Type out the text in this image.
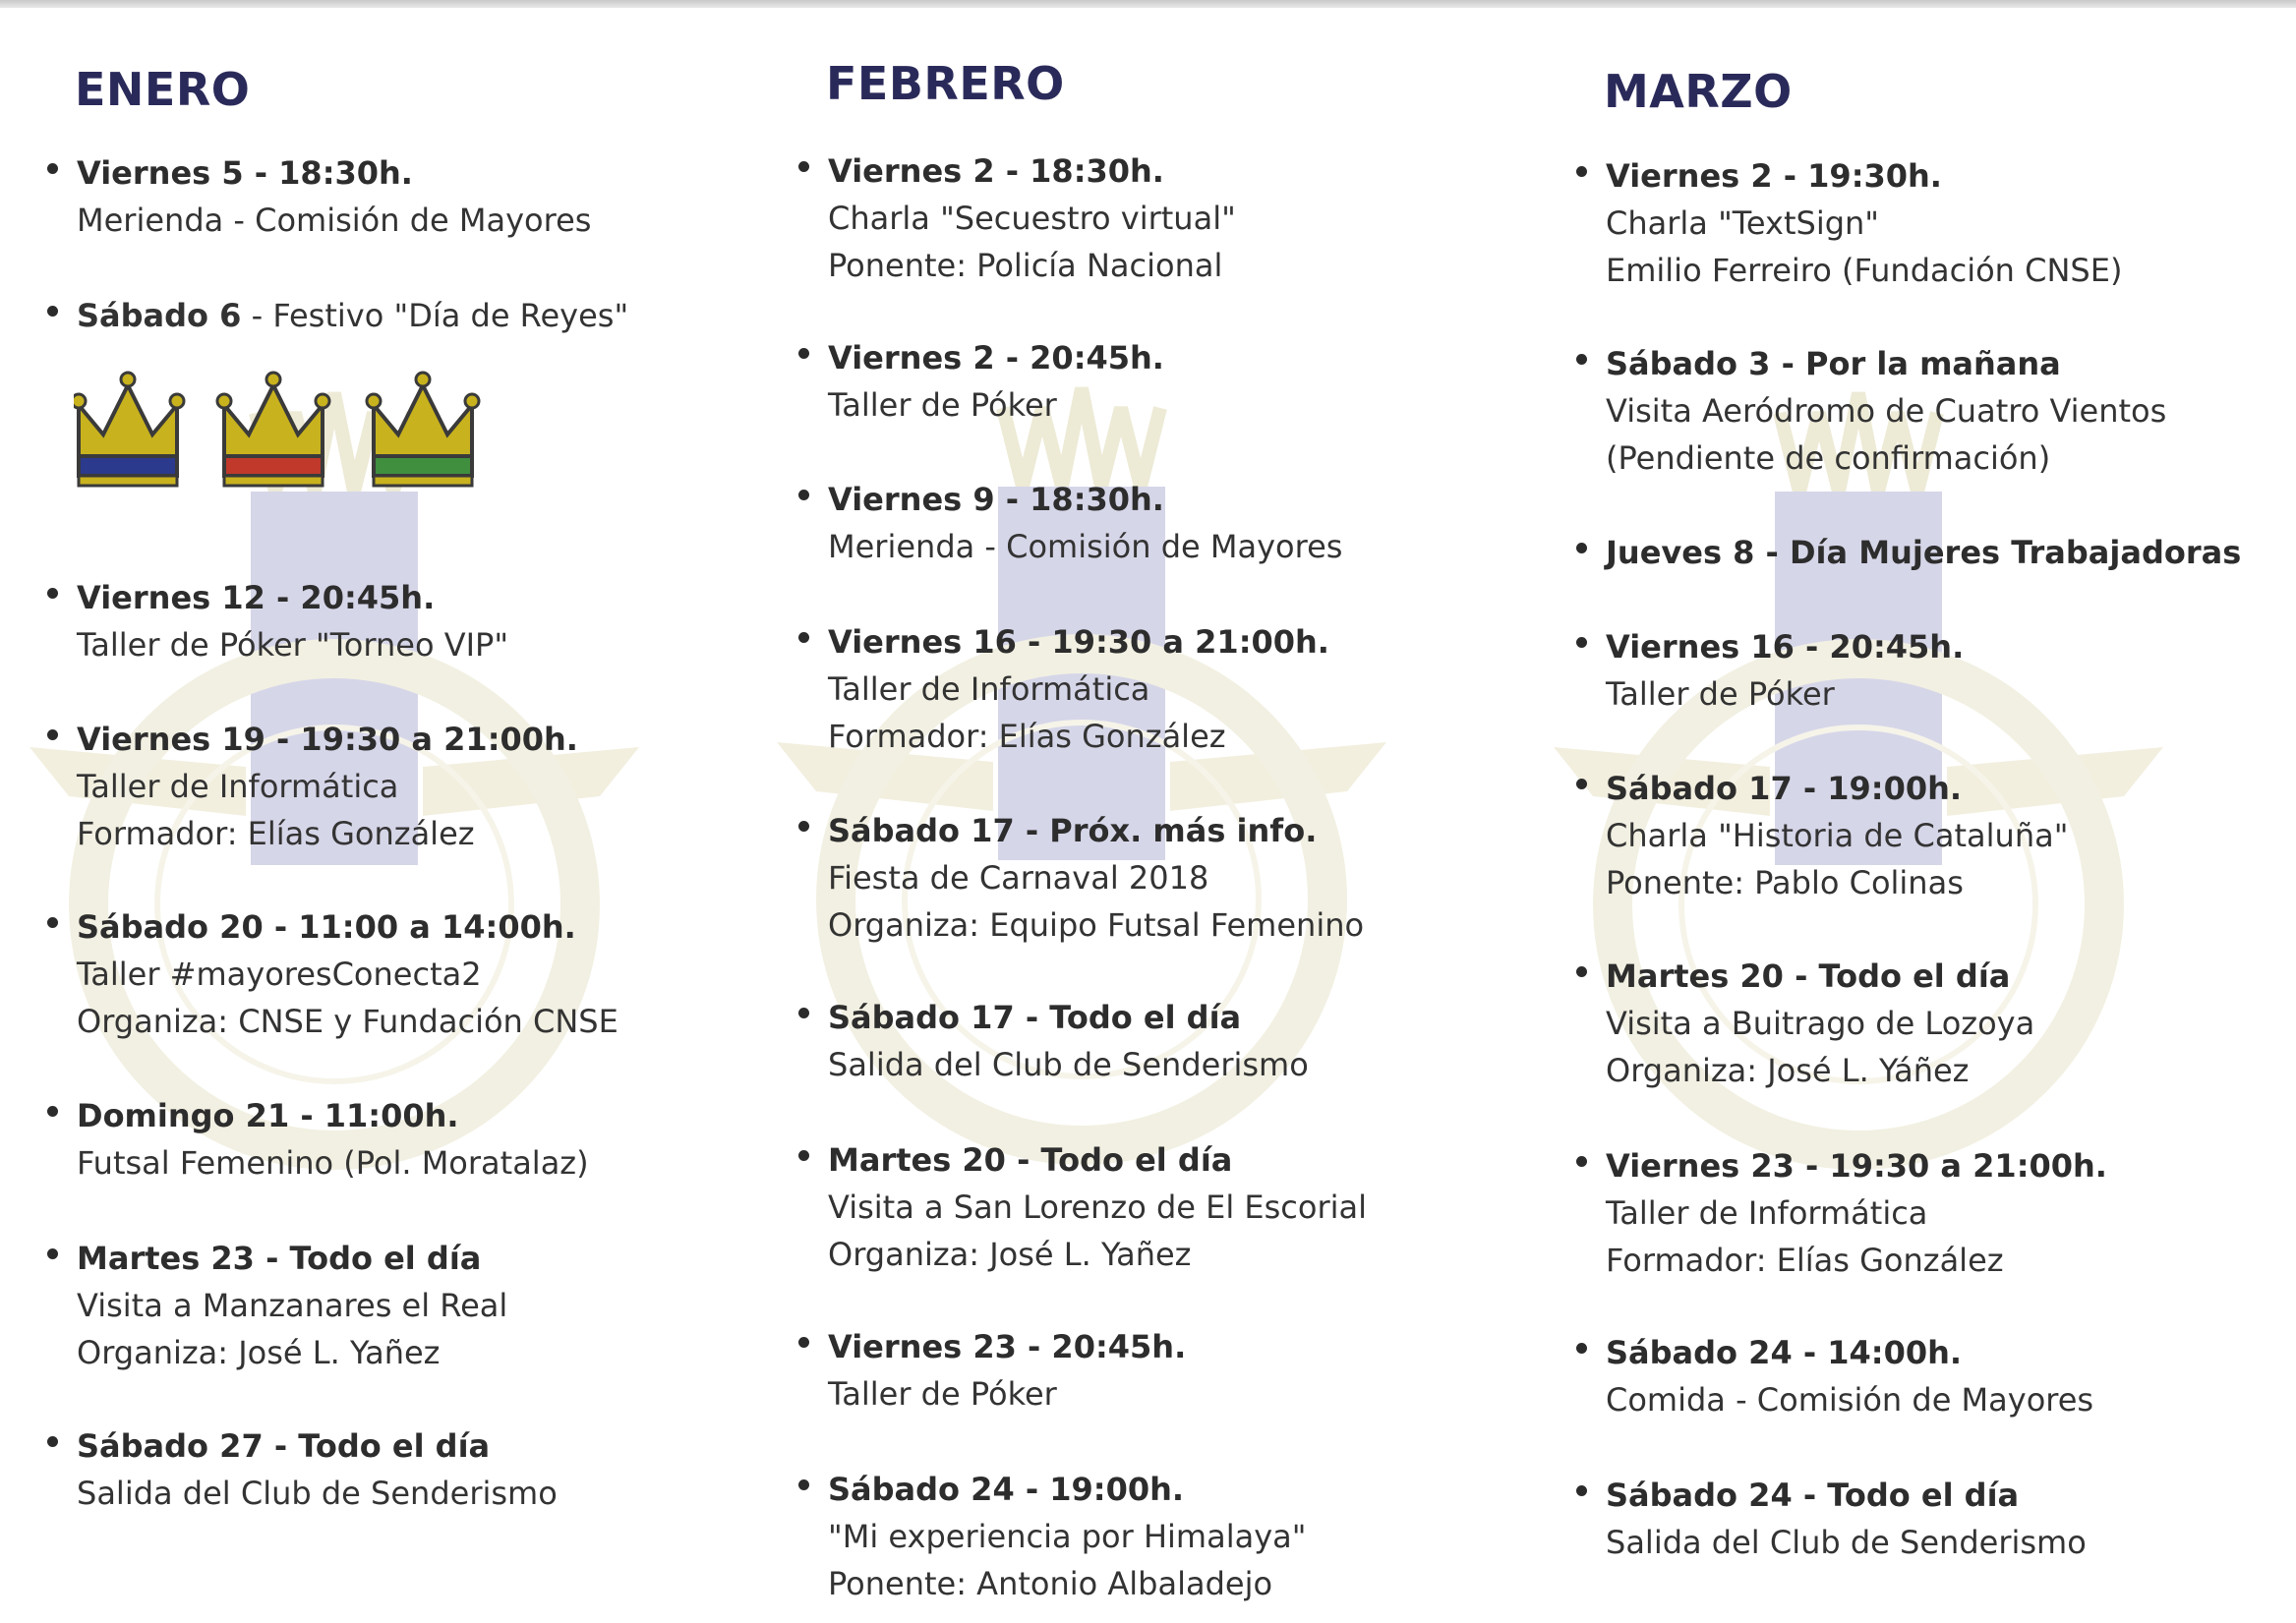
ENERO
Viernes 5 - 18:30h.
Merienda - Comisión de Mayores
Sábado 6 - Festivo "Día de Reyes"
Viernes 12 - 20:45h.
Taller de Póker "Torneo VIP"
Viernes 19 - 19:30 a 21:00h.
Taller de Informática
Formador: Elías González
Sábado 20 - 11:00 a 14:00h.
Taller #mayoresConecta2
Organiza: CNSE y Fundación CNSE
Domingo 21 - 11:00h.
Futsal Femenino (Pol. Moratalaz)
Martes 23 - Todo el día
Visita a Manzanares el Real
Organiza: José L. Yañez
Sábado 27 - Todo el día
Salida del Club de Senderismo
FEBRERO
Viernes 2 - 18:30h.
Charla "Secuestro virtual"
Ponente: Policía Nacional
Viernes 2 - 20:45h.
Taller de Póker
Viernes 9 - 18:30h.
Merienda - Comisión de Mayores
Viernes 16 - 19:30 a 21:00h.
Taller de Informática
Formador: Elías González
Sábado 17 - Próx. más info.
Fiesta de Carnaval 2018
Organiza: Equipo Futsal Femenino
Sábado 17 - Todo el día
Salida del Club de Senderismo
Martes 20 - Todo el día
Visita a San Lorenzo de El Escorial
Organiza: José L. Yañez
Viernes 23 - 20:45h.
Taller de Póker
Sábado 24 - 19:00h.
"Mi experiencia por Himalaya"
Ponente: Antonio Albaladejo
MARZO
Viernes 2 - 19:30h.
Charla "TextSign"
Emilio Ferreiro (Fundación CNSE)
Sábado 3 - Por la mañana
Visita Aeródromo de Cuatro Vientos
(Pendiente de confirmación)
Jueves 8 - Día Mujeres Trabajadoras
Viernes 16 - 20:45h.
Taller de Póker
Sábado 17 - 19:00h.
Charla "Historia de Cataluña"
Ponente: Pablo Colinas
Martes 20 - Todo el día
Visita a Buitrago de Lozoya
Organiza: José L. Yáñez
Viernes 23 - 19:30 a 21:00h.
Taller de Informática
Formador: Elías González
Sábado 24 - 14:00h.
Comida - Comisión de Mayores
Sábado 24 - Todo el día
Salida del Club de Senderismo
